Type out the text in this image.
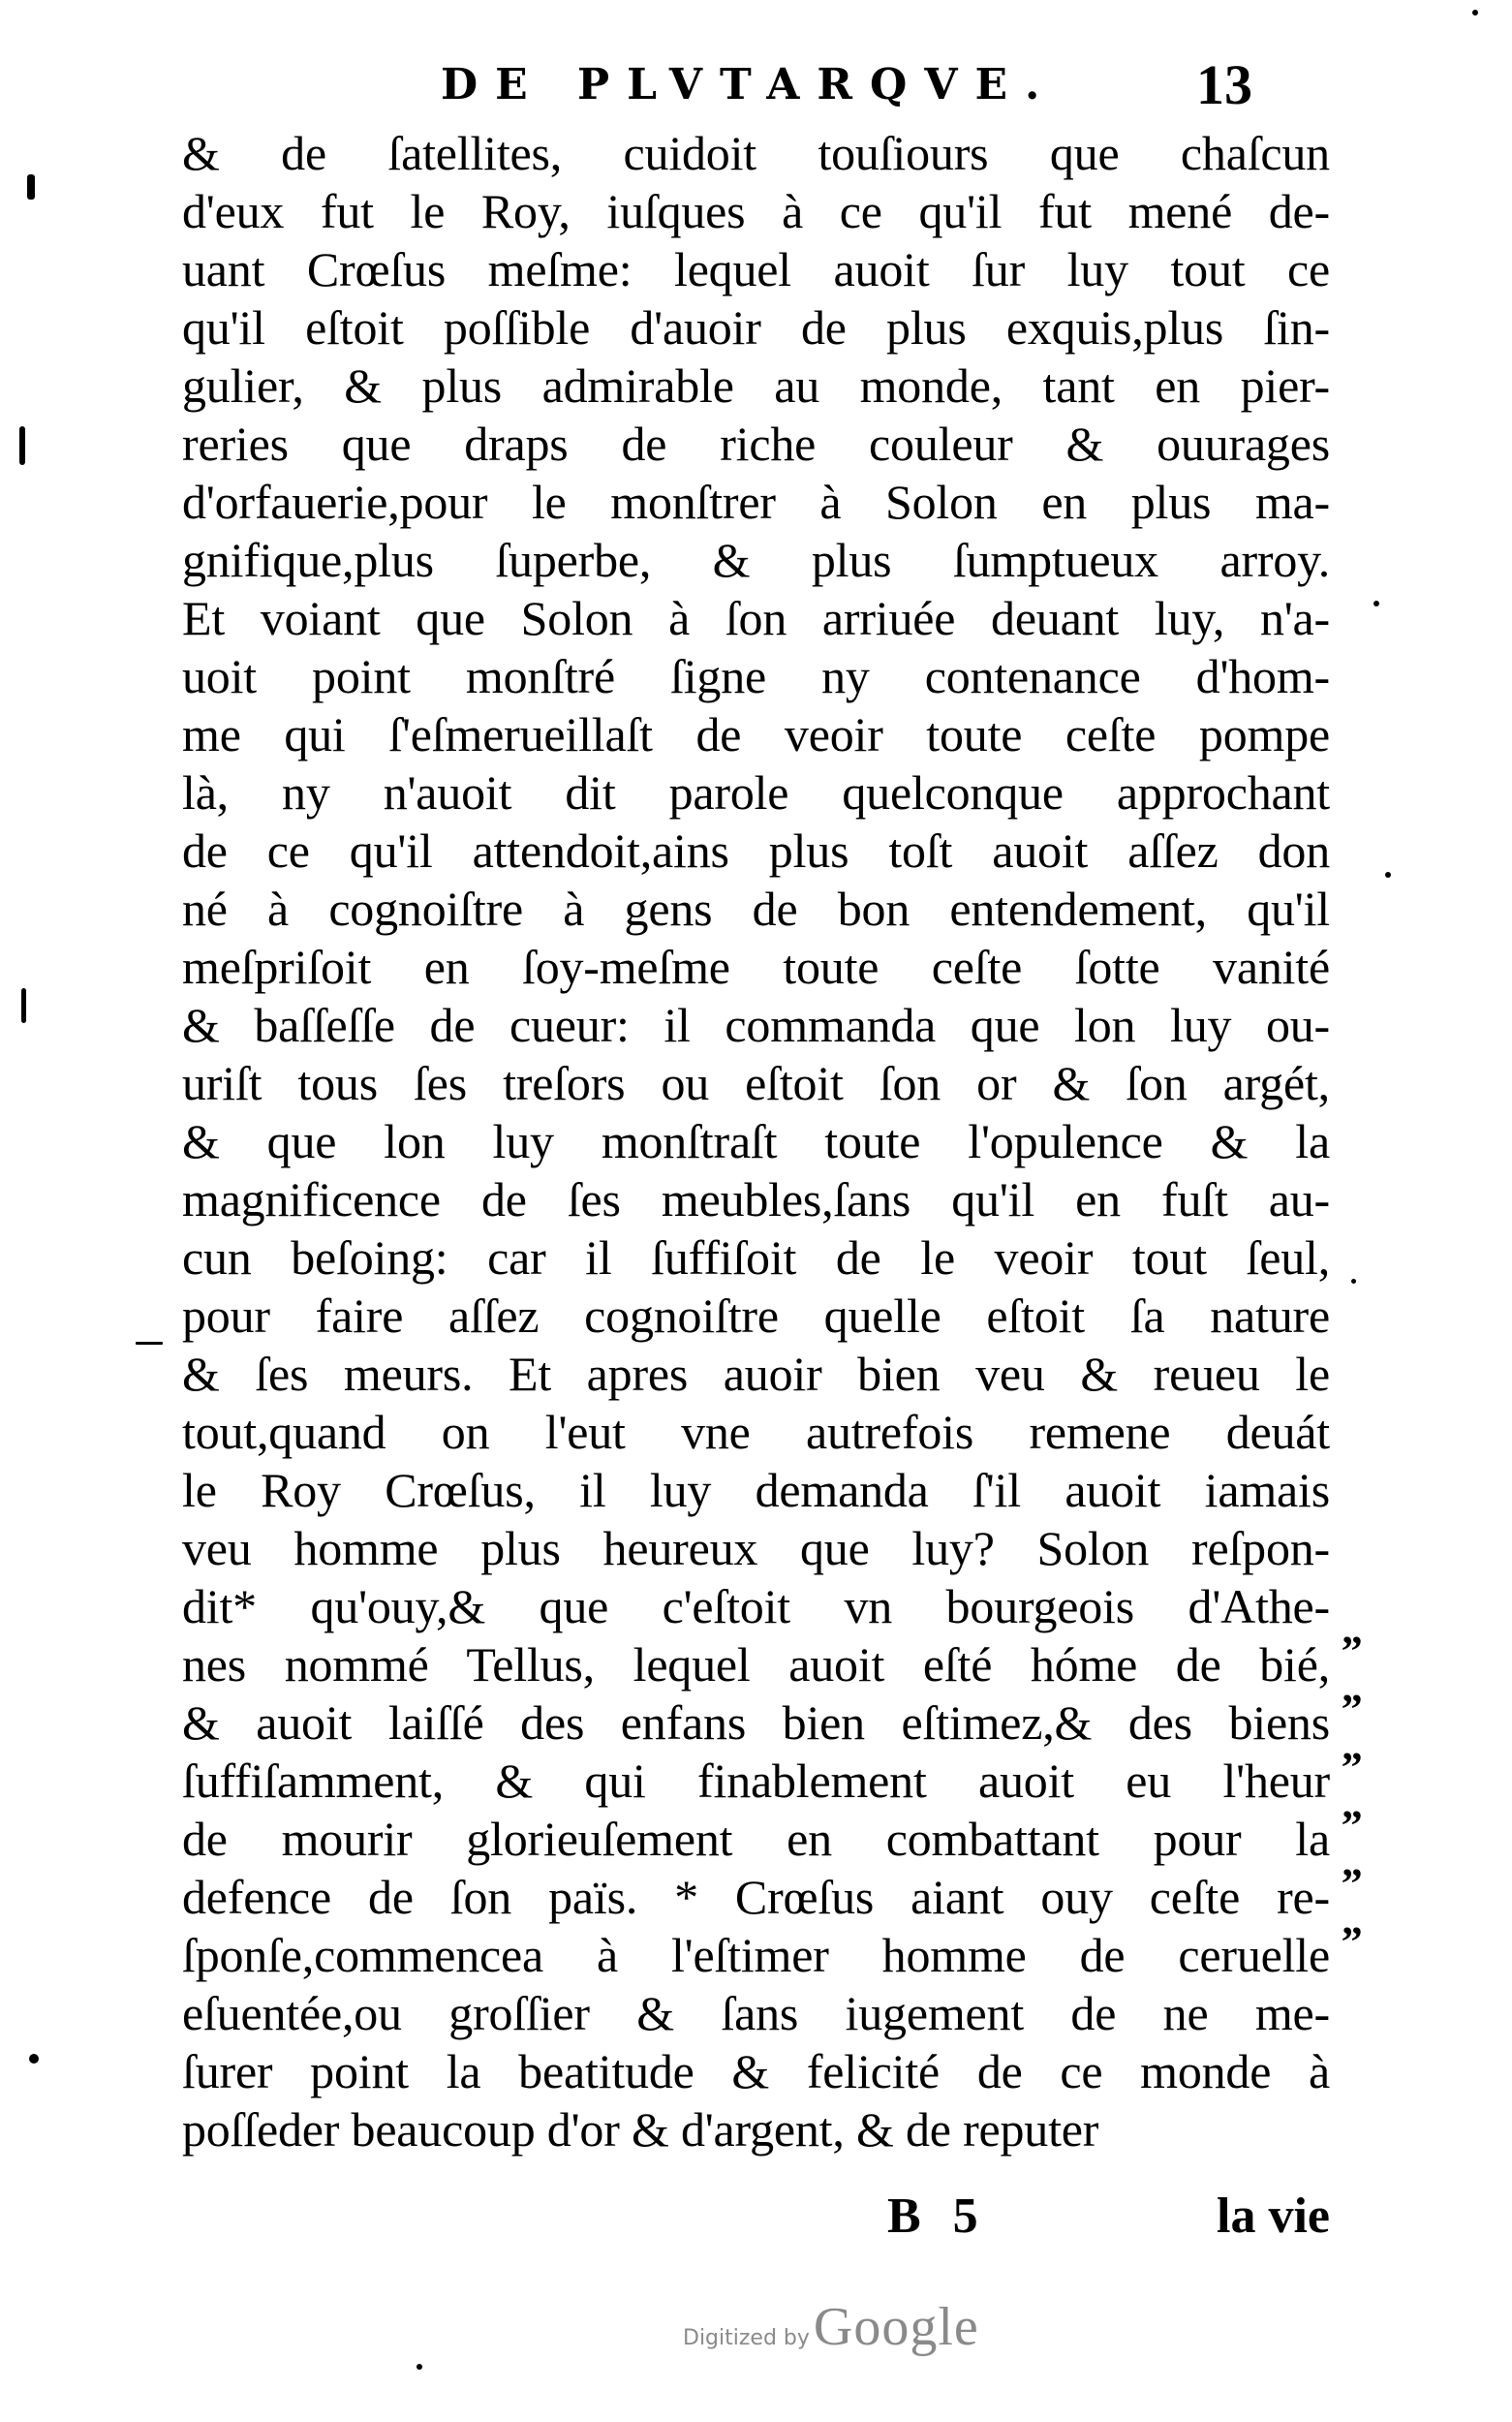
DE PLVTARQVE. 13
& de ſatellites, cuidoit touſiours que chaſcun
d'eux fut le Roy, iuſques à ce qu'il fut mené de-
uant Crœſus meſme: lequel auoit ſur luy tout ce
qu'il eſtoit poſſible d'auoir de plus exquis,plus ſin-
gulier, & plus admirable au monde, tant en pier-
reries que draps de riche couleur & ouurages
d'orfauerie,pour le monſtrer à Solon en plus ma-
gnifique,plus ſuperbe, & plus ſumptueux arroy.
Et voiant que Solon à ſon arriuée deuant luy, n'a-
uoit point monſtré ſigne ny contenance d'hom-
me qui ſ'eſmerueillaſt de veoir toute ceſte pompe
là, ny n'auoit dit parole quelconque approchant
de ce qu'il attendoit,ains plus toſt auoit aſſez don
né à cognoiſtre à gens de bon entendement, qu'il
meſpriſoit en ſoy-meſme toute ceſte ſotte vanité
& baſſeſſe de cueur: il commanda que lon luy ou-
uriſt tous ſes treſors ou eſtoit ſon or & ſon argét,
& que lon luy monſtraſt toute l'opulence & la
magnificence de ſes meubles,ſans qu'il en fuſt au-
cun beſoing: car il ſuffiſoit de le veoir tout ſeul,
pour faire aſſez cognoiſtre quelle eſtoit ſa nature
& ſes meurs. Et apres auoir bien veu & reueu le
tout,quand on l'eut vne autrefois remene deuát
le Roy Crœſus, il luy demanda ſ'il auoit iamais
veu homme plus heureux que luy? Solon reſpon-
dit* qu'ouy,& que c'eſtoit vn bourgeois d'Athe-
nes nommé Tellus, lequel auoit eſté hóme de bié,
& auoit laiſſé des enfans bien eſtimez,& des biens
ſuffiſamment, & qui finablement auoit eu l'heur
de mourir glorieuſement en combattant pour la
defence de ſon païs. * Crœſus aiant ouy ceſte re-
ſponſe,commencea à l'eſtimer homme de ceruelle
eſuentée,ou groſſier & ſans iugement de ne me-
ſurer point la beatitude & felicité de ce monde à
poſſeder beaucoup d'or & d'argent, & de reputer
„
„
„
„
„
„
B 5	la vie
Digitized by Google
